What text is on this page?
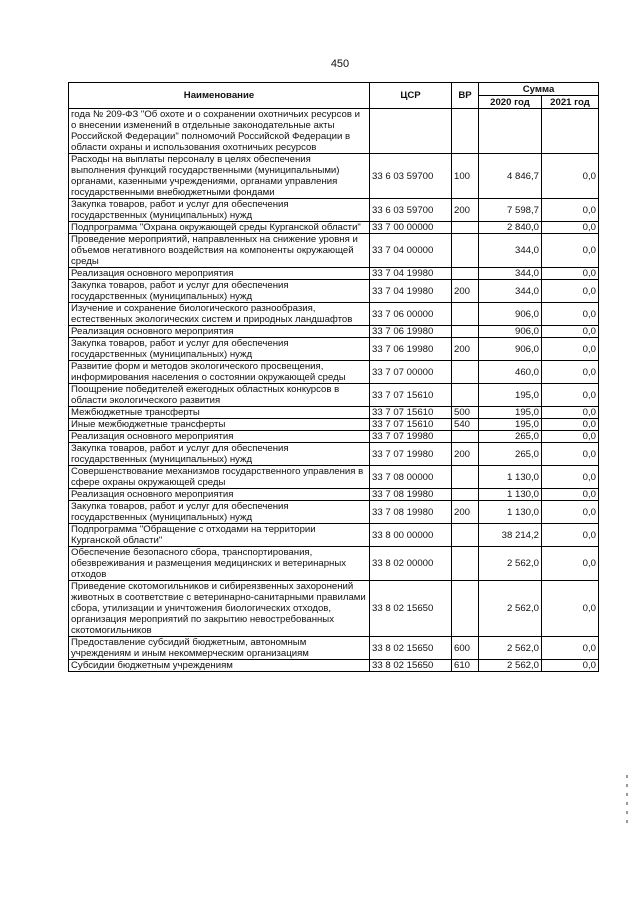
450
Наименование	ЦСР	ВР	Сумма	
			2020 год	2021 год
года № 209-ФЗ "Об охоте и о сохранении охотничьих ресурсов и о внесении изменений в отдельные законодательные акты Российской Федерации" полномочий Российской Федерации в области охраны и использования охотничьих ресурсов				
Расходы на выплаты персоналу в целях обеспечения выполнения функций государственными (муниципальными) органами, казенными учреждениями, органами управления государственными внебюджетными фондами	33 6 03 59700	100	4 846,7	0,0
Закупка товаров, работ и услуг для обеспечения государственных (муниципальных) нужд	33 6 03 59700	200	7 598,7	0,0
Подпрограмма "Охрана окружающей среды Курганской области"	33 7 00 00000		2 840,0	0,0
Проведение мероприятий, направленных на снижение уровня и объемов негативного воздействия на компоненты окружающей среды	33 7 04 00000		344,0	0,0
Реализация основного мероприятия	33 7 04 19980		344,0	0,0
Закупка товаров, работ и услуг для обеспечения государственных (муниципальных) нужд	33 7 04 19980	200	344,0	0,0
Изучение и сохранение биологического разнообразия, естественных экологических систем и природных ландшафтов	33 7 06 00000		906,0	0,0
Реализация основного мероприятия	33 7 06 19980		906,0	0,0
Закупка товаров, работ и услуг для обеспечения государственных (муниципальных) нужд	33 7 06 19980	200	906,0	0,0
Развитие форм и методов экологического просвещения, информирования населения о состоянии окружающей среды	33 7 07 00000		460,0	0,0
Поощрение победителей ежегодных областных конкурсов в области экологического развития	33 7 07 15610		195,0	0,0
Межбюджетные трансферты	33 7 07 15610	500	195,0	0,0
Иные межбюджетные трансферты	33 7 07 15610	540	195,0	0,0
Реализация основного мероприятия	33 7 07 19980		265,0	0,0
Закупка товаров, работ и услуг для обеспечения государственных (муниципальных) нужд	33 7 07 19980	200	265,0	0,0
Совершенствование механизмов государственного управления в сфере охраны окружающей среды	33 7 08 00000		1 130,0	0,0
Реализация основного мероприятия	33 7 08 19980		1 130,0	0,0
Закупка товаров, работ и услуг для обеспечения государственных (муниципальных) нужд	33 7 08 19980	200	1 130,0	0,0
Подпрограмма "Обращение с отходами на территории Курганской области"	33 8 00 00000		38 214,2	0,0
Обеспечение безопасного сбора, транспортирования, обезвреживания и размещения медицинских и ветеринарных отходов	33 8 02 00000		2 562,0	0,0
Приведение скотомогильников и сибиреязвенных захоронений животных в соответствие с ветеринарно-санитарными правилами сбора, утилизации и уничтожения биологических отходов, организация мероприятий по закрытию невостребованных скотомогильников	33 8 02 15650		2 562,0	0,0
Предоставление субсидий бюджетным, автономным учреждениям и иным некоммерческим организациям	33 8 02 15650	600	2 562,0	0,0
Субсидии бюджетным учреждениям	33 8 02 15650	610	2 562,0	0,0
